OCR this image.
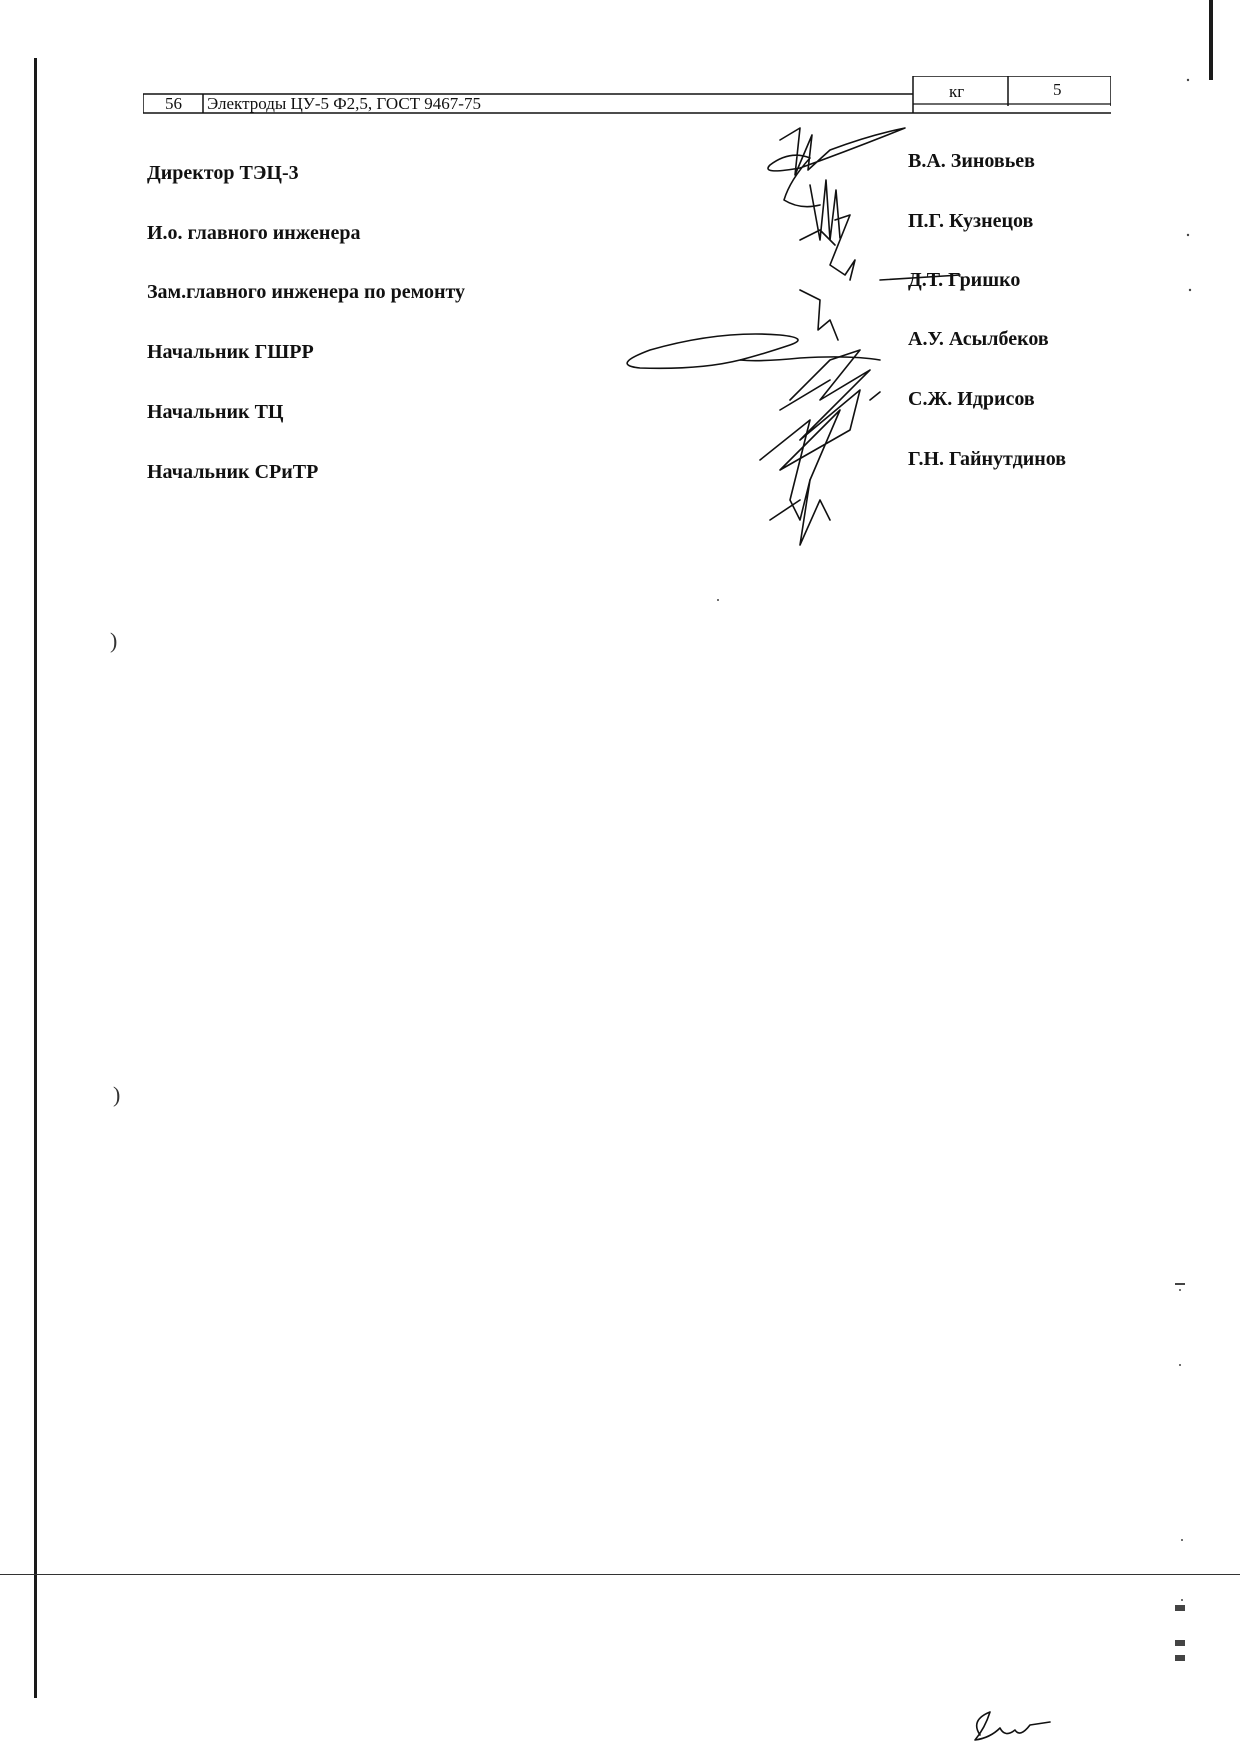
56 Электроды ЦУ-5 Ф2,5, ГОСТ 9467-75
кг	5
Директор ТЭЦ-3
В.А. Зиновьев
И.о. главного инженера
П.Г. Кузнецов
Зам.главного инженера по ремонту
Д.Т. Гришко
Начальник ГШРР
А.У. Асылбеков
Начальник ТЦ
С.Ж. Идрисов
Начальник СРиТР
Г.Н. Гайнутдинов
)
)
